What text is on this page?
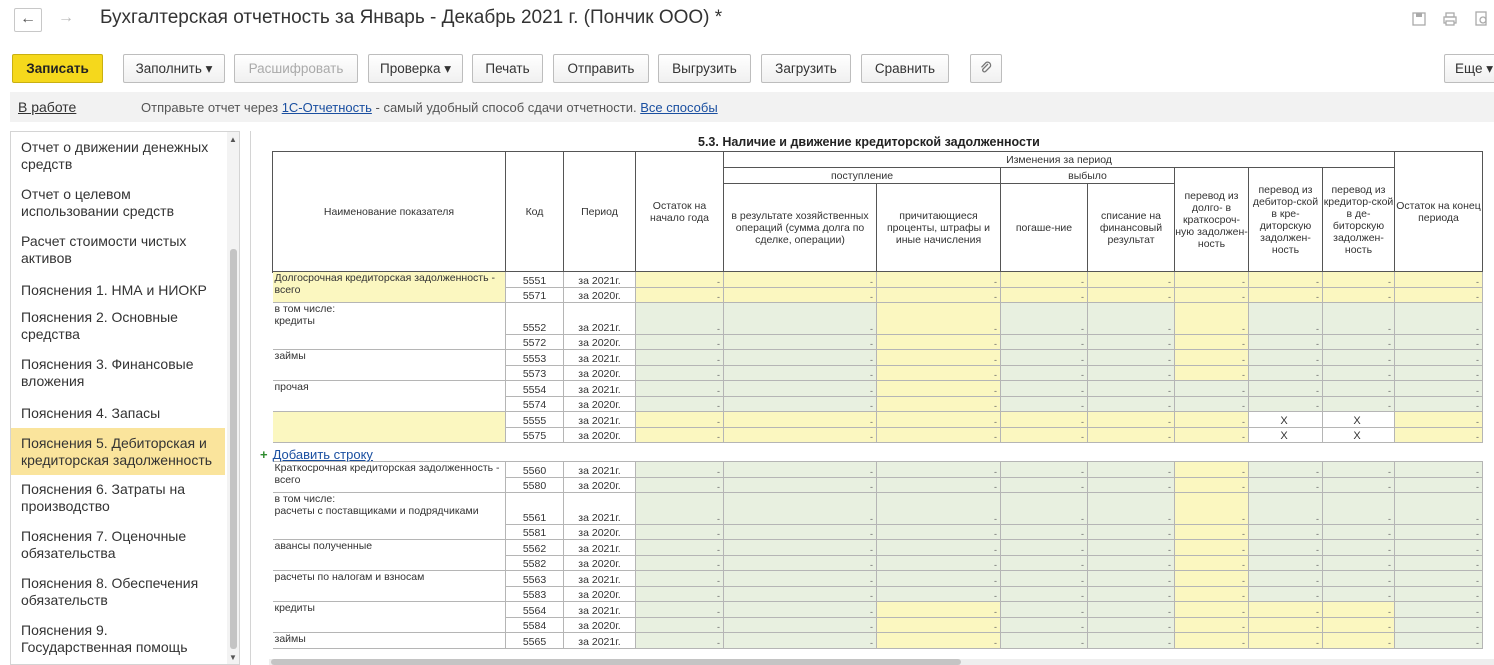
←	→	Бухгалтерская отчетность за Январь - Декабрь 2021 г. (Пончик ООО) *
Записать	Заполнить ▾	Расшифровать	Проверка ▾	Печать	Отправить	Выгрузить	Загрузить	Сравнить	Еще ▾
В работе	Отправьте отчет через 1С-Отчетность - самый удобный способ сдачи отчетности. Все способы
Отчет о движении денежных средств
Отчет о целевом использовании средств
Расчет стоимости чистых активов
Пояснения 1. НМА и НИОКР
Пояснения 2. Основные средства
Пояснения 3. Финансовые вложения
Пояснения 4. Запасы
Пояснения 5. Дебиторская и кредиторская задолженность
Пояснения 6. Затраты на производство
Пояснения 7. Оценочные обязательства
Пояснения 8. Обеспечения обязательств
Пояснения 9. Государственная помощь
▲
▼
5.3. Наличие и движение кредиторской задолженности
Наименование показателя	Код	Период	Остаток на начало года	Изменения за период							Остаток на конец периода
				поступление		выбыло		перевод из долго- в краткосроч-ную задолжен-ность	перевод из дебитор-ской в кре-диторскую задолжен-ность	перевод из кредитор-ской в де-биторскую задолжен-ность	
				в результате хозяйственных операций (сумма долга по сделке, операции)	причитающиеся проценты, штрафы и иные начисления	погаше-ние	списание на финансовый результат				

Долгосрочная кредиторская задолженность - всего	5551	за 2021г.	-	-	-	-	-	-	-	-	-
	5571	за 2020г.	-	-	-	-	-	-	-	-	-
в том числе:
кредиты	5552	за 2021г.	-	-	-	-	-	-	-	-	-
	5572	за 2020г.	-	-	-	-	-	-	-	-	-
займы	5553	за 2021г.	-	-	-	-	-	-	-	-	-
	5573	за 2020г.	-	-	-	-	-	-	-	-	-
прочая	5554	за 2021г.	-	-	-	-	-	-	-	-	-
	5574	за 2020г.	-	-	-	-	-	-	-	-	-
	5555	за 2021г.	-	-	-	-	-	-	X	X	-
	5575	за 2020г.	-	-	-	-	-	-	X	X	-

Краткосрочная кредиторская задолженность - всего	5560	за 2021г.	-	-	-	-	-	-	-	-	-
	5580	за 2020г.	-	-	-	-	-	-	-	-	-
в том числе:
расчеты с поставщиками и подрядчиками	5561	за 2021г.	-	-	-	-	-	-	-	-	-
	5581	за 2020г.	-	-	-	-	-	-	-	-	-
авансы полученные	5562	за 2021г.	-	-	-	-	-	-	-	-	-
	5582	за 2020г.	-	-	-	-	-	-	-	-	-
расчеты по налогам и взносам	5563	за 2021г.	-	-	-	-	-	-	-	-	-
	5583	за 2020г.	-	-	-	-	-	-	-	-	-
кредиты	5564	за 2021г.	-	-	-	-	-	-	-	-	-
	5584	за 2020г.	-	-	-	-	-	-	-	-	-
займы	5565	за 2021г.	-	-	-	-	-	-	-	-	-
+ Добавить строку
